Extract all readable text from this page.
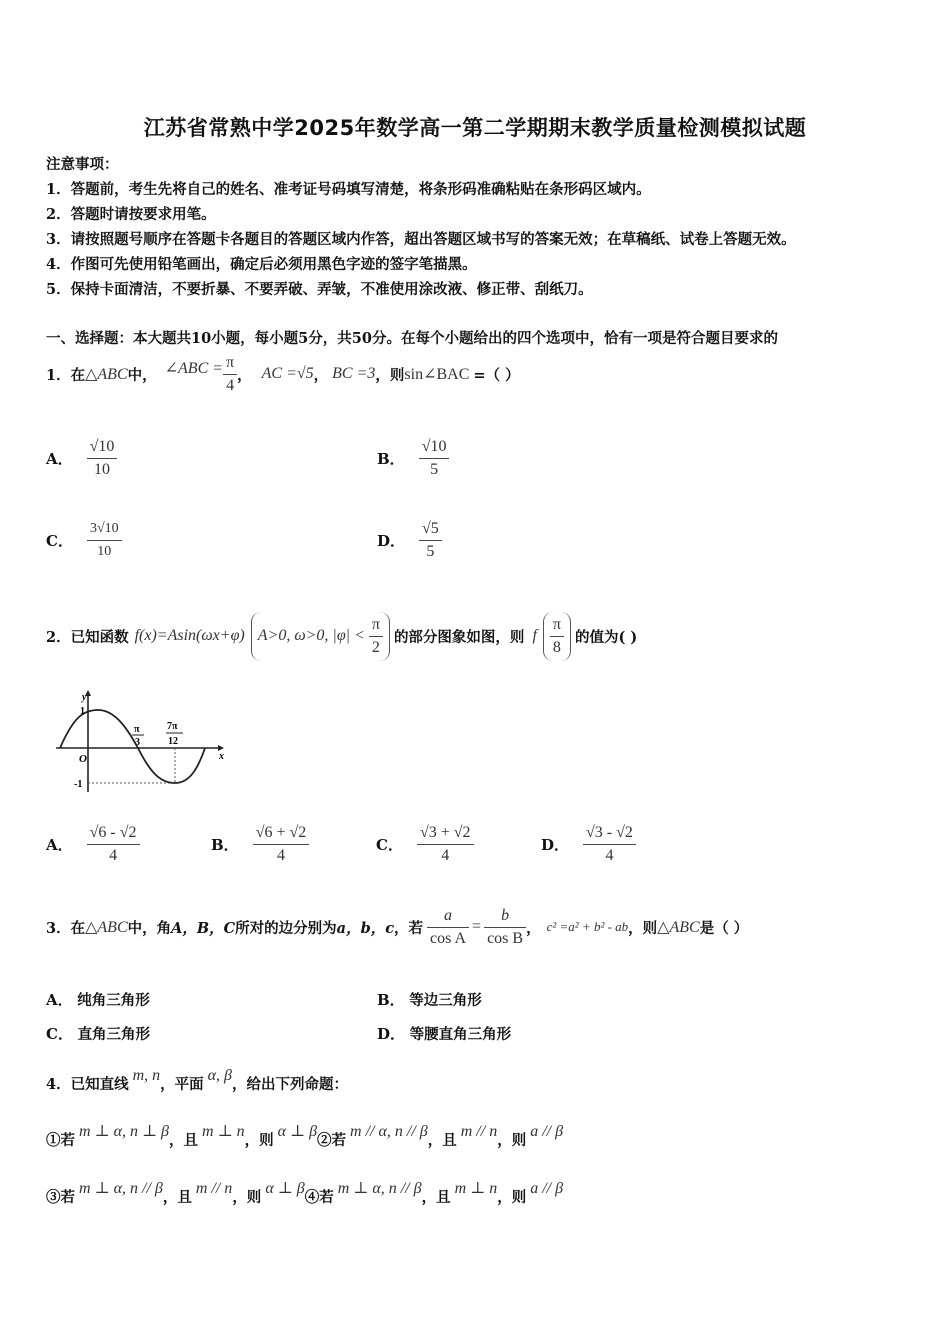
江苏省常熟中学2025年数学高一第二学期期末教学质量检测模拟试题
注意事项：
1．答题前，考生先将自己的姓名、准考证号码填写清楚，将条形码准确粘贴在条形码区域内。
2．答题时请按要求用笔。
3．请按照题号顺序在答题卡各题目的答题区域内作答，超出答题区域书写的答案无效；在草稿纸、试卷上答题无效。
4．作图可先使用铅笔画出，确定后必须用黑色字迹的签字笔描黑。
5．保持卡面清洁，不要折暴、不要弄破、弄皱，不准使用涂改液、修正带、刮纸刀。
一、选择题：本大题共10小题，每小题5分，共50分。在每个小题给出的四个选项中，恰有一项是符合题目要求的
1．在 △ABC 中， ∠ABC = $\frac{\pi}{4}$ ， AC =√5 ， BC =3 ，则 sin∠BAC =（ ）
A． $\frac{√10}{10}$	B． $\frac{√10}{5}$
C． $\frac{3√10}{10}$	D． $\frac{√5}{5}$
2．已知函数 f(x)=Asin(ωx+φ) A>0, ω>0, $|\varphi| < \frac{\pi}{2}$ 的部分图象如图，则 f $\frac{\pi}{8}$ 的值为( )
y
x
O
1
-1
π
3
7π
12
A． $\frac{√6 - √2}{4}$	B． $\frac{√6 + √2}{4}$	C． $\frac{√3 + √2}{4}$	D． $\frac{√3 - √2}{4}$
3．在 △ABC 中，角 A，B，C 所对的边分别为 a，b，c ，若 $\frac{a}{\text{cos A}} = \frac{b}{\text{cos B}}$ ， c² =a² + b² - ab ，则 △ABC 是（ ）
A． 纯角三角形	B． 等边三角形
C． 直角三角形	D． 等腰直角三角形
4．已知直线
m, n
，平面
α, β
，给出下列命题：
①若
m ⊥ α, n ⊥ β
，且
m ⊥ n
，则
α ⊥ β
②若
m // α, n // β
，且
m // n
，则
a // β
③若
m ⊥ α, n // β
，且
m // n
，则
α ⊥ β
④若
m ⊥ α, n // β
，且
m ⊥ n
，则
a // β
